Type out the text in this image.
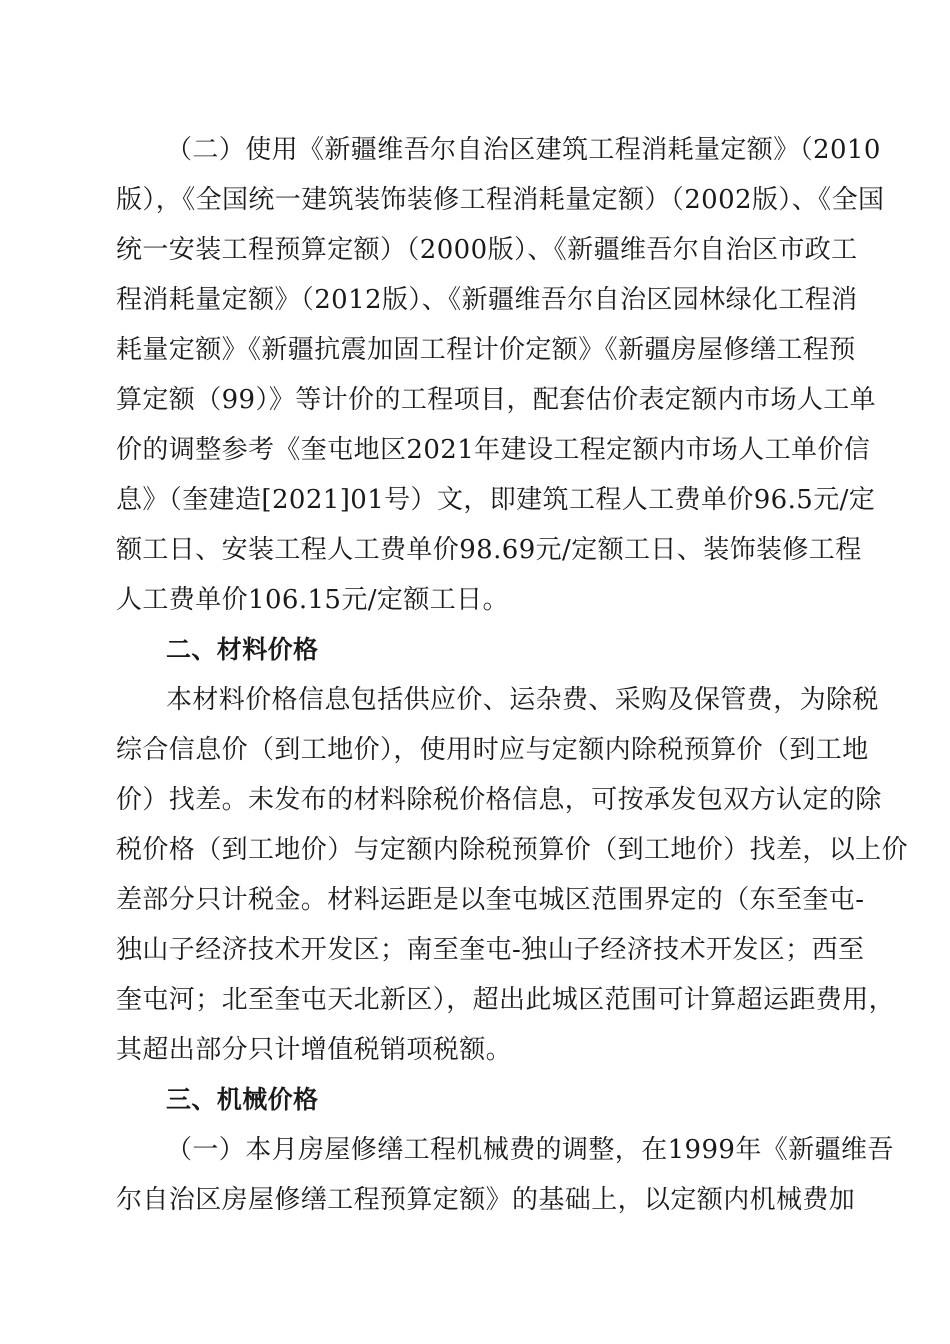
（二）使用《新疆维吾尔自治区建筑工程消耗量定额》（2010
版），《全国统一建筑装饰装修工程消耗量定额）（2002版）、《全国
统一安装工程预算定额）（2000版）、《新疆维吾尔自治区市政工
程消耗量定额》（2012版）、《新疆维吾尔自治区园林绿化工程消
耗量定额》《新疆抗震加固工程计价定额》《新疆房屋修缮工程预
算定额（99）》等计价的工程项目，配套估价表定额内市场人工单
价的调整参考《奎屯地区2021年建设工程定额内市场人工单价信
息》（奎建造[2021]01号）文，即建筑工程人工费单价96.5元/定
额工日、安装工程人工费单价98.69元/定额工日、装饰装修工程
人工费单价106.15元/定额工日。
二、材料价格
本材料价格信息包括供应价、运杂费、采购及保管费，为除税
综合信息价（到工地价），使用时应与定额内除税预算价（到工地
价）找差。未发布的材料除税价格信息，可按承发包双方认定的除
税价格（到工地价）与定额内除税预算价（到工地价）找差，以上价
差部分只计税金。材料运距是以奎屯城区范围界定的（东至奎屯-
独山子经济技术开发区；南至奎屯-独山子经济技术开发区；西至
奎屯河；北至奎屯天北新区），超出此城区范围可计算超运距费用，
其超出部分只计增值税销项税额。
三、机械价格
（一）本月房屋修缮工程机械费的调整，在1999年《新疆维吾
尔自治区房屋修缮工程预算定额》的基础上，以定额内机械费加
